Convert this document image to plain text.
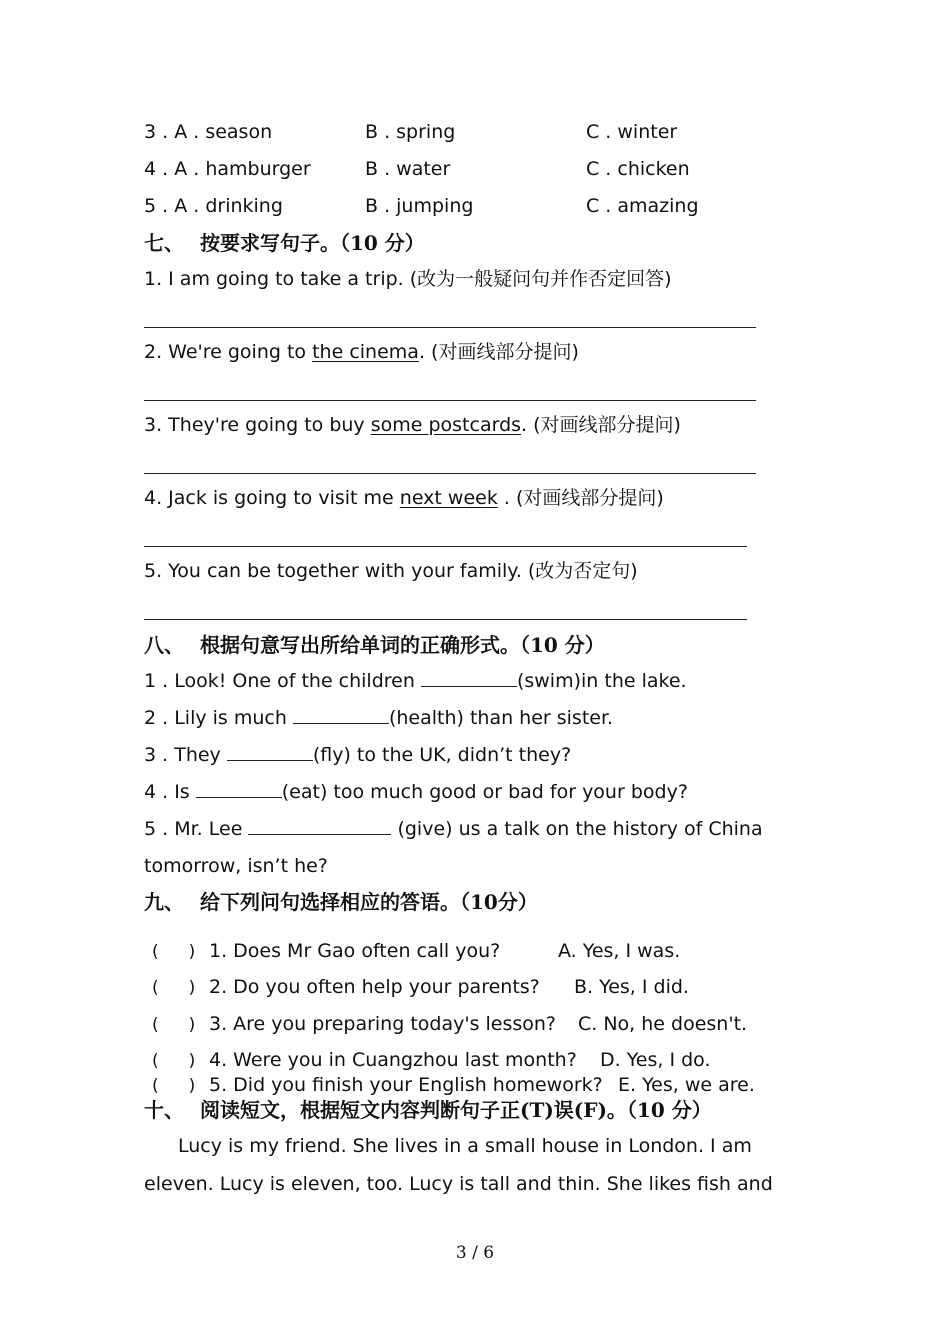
3 . A . season	B . spring	C . winter
4 . A . hamburger	B . water	C . chicken
5 . A . drinking	B . jumping	C . amazing
七、 按要求写句子。（10 分）
1. I am going to take a trip. (改为一般疑问句并作否定回答)
2. We're going to the cinema. (对画线部分提问)
3. They're going to buy some postcards. (对画线部分提问)
4. Jack is going to visit me next week . (对画线部分提问)
5. You can be together with your family. (改为否定句)
八、 根据句意写出所给单词的正确形式。（10 分）
1 . Look! One of the children	(swim)in the lake.
2 . Lily is much	(health) than her sister.
3 . They	(fly) to the UK, didn’t they?
4 . Is	(eat) too much good or bad for your body?
5 . Mr. Lee	(give) us a talk on the history of China
tomorrow, isn’t he?
九、 给下列问句选择相应的答语。（10分）
( ) 1. Does Mr Gao often call you?	A. Yes, I was.
( ) 2. Do you often help your parents? B. Yes, I did.
( ) 3. Are you preparing today's lesson? C. No, he doesn't.
( ) 4. Were you in Cuangzhou last month? D. Yes, I do.
( ) 5. Did you finish your English homework? E. Yes, we are.
十、 阅读短文，根据短文内容判断句子正(T)误(F)。（10 分）
Lucy is my friend. She lives in a small house in London. I am
eleven. Lucy is eleven, too. Lucy is tall and thin. She likes fish and
3 / 6
